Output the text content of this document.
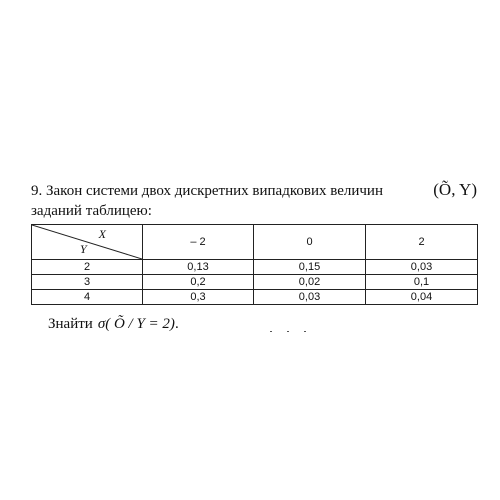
9. Закон системи двох дискретних випадкових величин	(Õ, Y)
заданий таблицею:
X
Y	– 2	0	2
2	0,13	0,15	0,03
3	0,2	0,02	0,1
4	0,3	0,03	0,04
Знайти σ( Õ / Y = 2).
